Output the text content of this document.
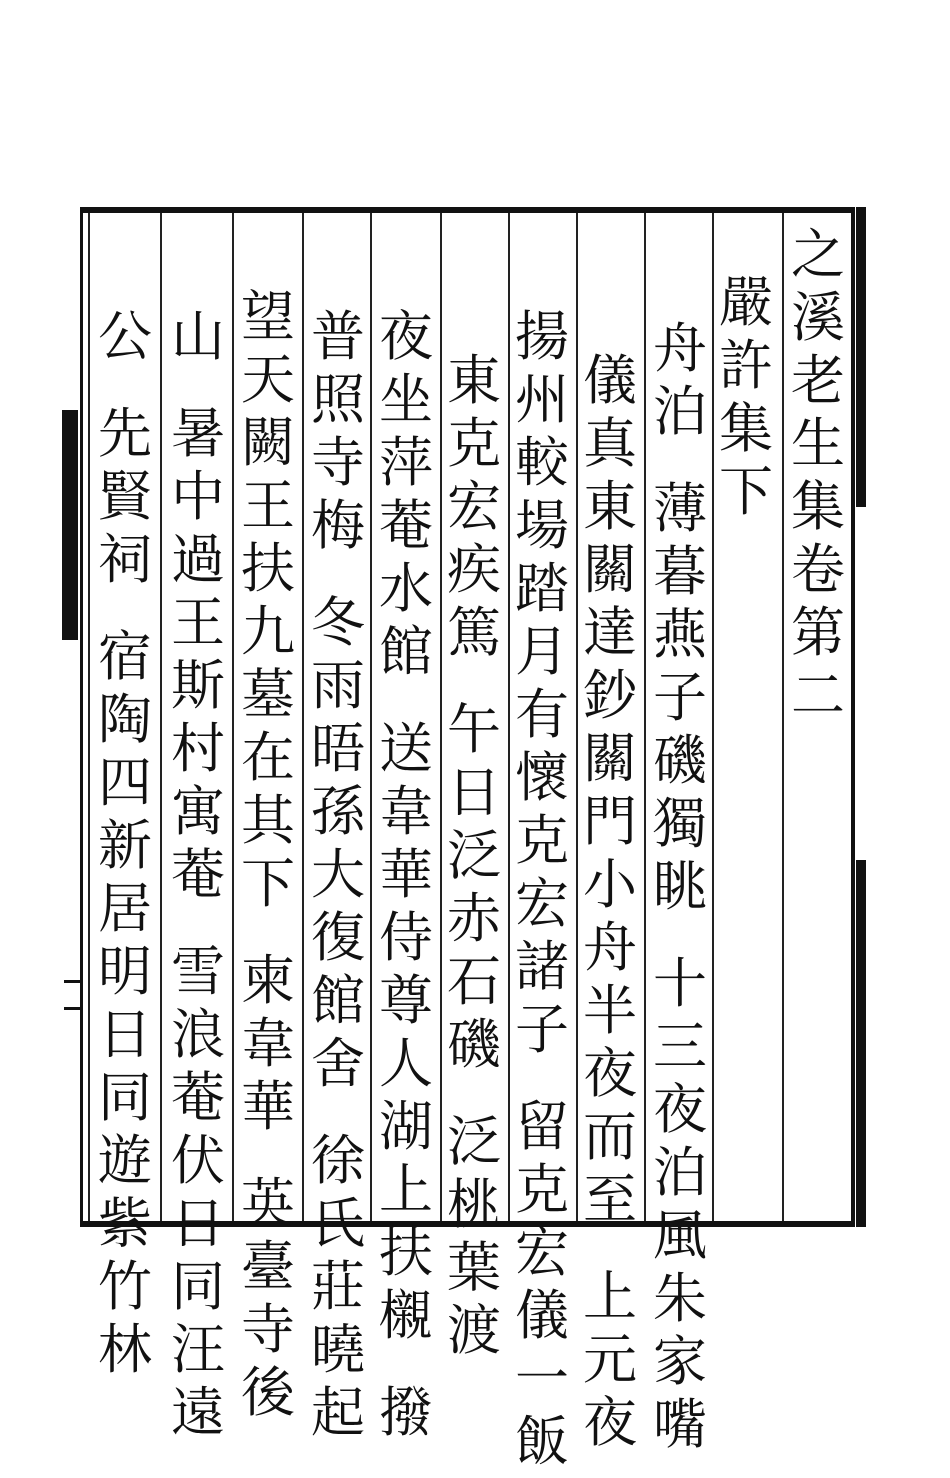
之
溪
老
生
集
卷
第
二
嚴
許
集
下
舟
泊
薄
暮
燕
子
磯
獨
眺
十
三
夜
泊
風
朱
家
嘴
儀
真
東
關
達
鈔
關
門
小
舟
半
夜
而
至
上
元
夜
揚
州
較
場
踏
月
有
懷
克
宏
諸
子
留
克
宏
儀
一
飯
東
克
宏
疾
篤
午
日
泛
赤
石
磯
泛
桃
葉
渡
夜
坐
萍
菴
水
館
送
韋
華
侍
尊
人
湖
上
扶
櫬
撥
普
照
寺
梅
冬
雨
晤
孫
大
復
館
舍
徐
氏
莊
曉
起
望
天
闕
王
扶
九
墓
在
其
下
柬
韋
華
英
臺
寺
後
山
暑
中
過
王
斯
村
寓
菴
雪
浪
菴
伏
日
同
汪
遠
公
先
賢
祠
宿
陶
四
新
居
明
日
同
遊
紫
竹
林
